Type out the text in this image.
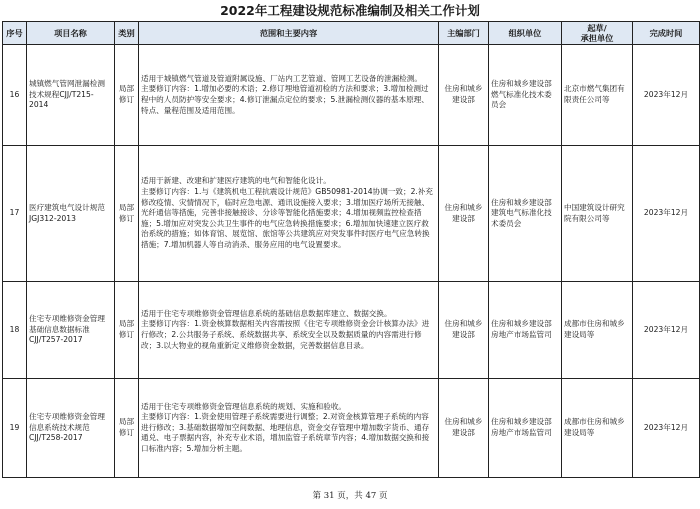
2022年工程建设规范标准编制及相关工作计划
序号	项目名称	类别	范围和主要内容	主编部门	组织单位	起草/
承担单位	完成时间
16	城镇燃气管网泄漏检测技术规程CJJ/T215-2014	局部修订	适用于城镇燃气管道及管道附属设施、厂站内工艺管道、管网工艺设备的泄漏检测。
主要修订内容：1.增加必要的术语；2.修订埋地管道初检的方法和要求；3.增加检测过程中的人员防护等安全要求；4.修订泄漏点定位的要求；5.泄漏检测仪器的基本原理、特点、量程范围及适用范围。	住房和城乡建设部	住房和城乡建设部燃气标准化技术委员会	北京市燃气集团有限责任公司等	2023年12月
17	医疗建筑电气设计规范JGJ312-2013	局部修订	适用于新建、改建和扩建医疗建筑的电气和智能化设计。
主要修订内容：1.与《建筑机电工程抗震设计规范》GB50981-2014协调一致；2.补充修改疫情、灾情情况下，临时应急电源、通讯设施接入要求；3.增加医疗场所无接触、光纤通信等措施，完善非接触接诊、分诊等智能化措施要求；4.增加视频监控检查措施；5.增加应对突发公共卫生事件的电气应急转换措施要求；6.增加加快速建立医疗救治系统的措施；如体育馆、展览馆、旅馆等公共建筑应对突发事件时医疗电气应急转换措施；7.增加机器人等自动消杀、服务应用的电气设置要求。	住房和城乡建设部	住房和城乡建设部建筑电气标准化技术委员会	中国建筑设计研究院有限公司等	2023年12月
18	住宅专项维修资金管理基础信息数据标准CJJ/T257-2017	局部修订	适用于住宅专项维修资金管理信息系统的基础信息数据库建立、数据交换。
主要修订内容：1.资金核算数据相关内容需按照《住宅专项维修资金会计核算办法》进行修改；2.公共服务子系统、系统数据共享、系统安全以及数据质量的内容需进行修改；3.以大物业的视角重新定义维修资金数据，完善数据信息目录。	住房和城乡建设部	住房和城乡建设部房地产市场监管司	成都市住房和城乡建设局等	2023年12月
19	住宅专项维修资金管理信息系统技术规范CJJ/T258-2017	局部修订	适用于住宅专项维修资金管理信息系统的规划、实施和验收。
主要修订内容：1.资金使用管理子系统需要进行调整；2.对资金核算管理子系统的内容进行修改；3.基础数据增加空间数据、地理信息，资金交存管理中增加数字货币、通存通兑、电子票据内容，补充专业术语，增加监管子系统章节内容；4.增加数据交换和接口标准内容；5.增加分析主题。	住房和城乡建设部	住房和城乡建设部房地产市场监管司	成都市住房和城乡建设局等	2023年12月
第 31 页，共 47 页
